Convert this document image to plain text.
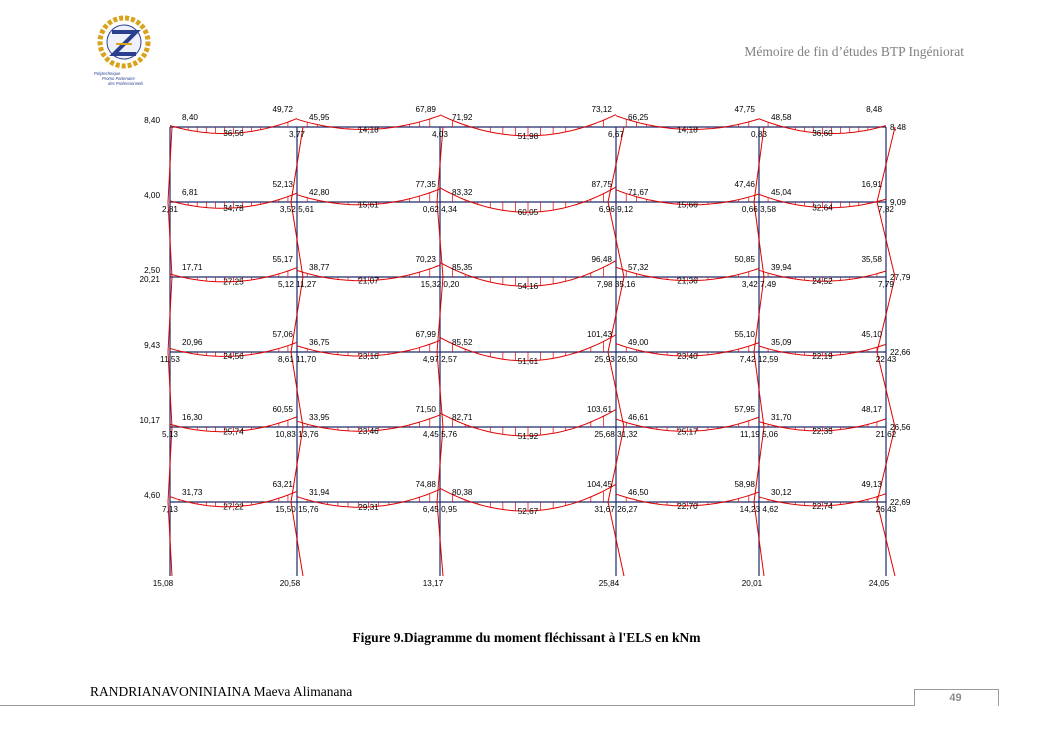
Polytechnique
Promo Partenaire
des Professionnels
Mémoire de fin d’études BTP Ingéniorat
8,40
49,72
36,56
45,95
67,89
14,18
71,92
73,12
51,98
66,25
47,75
14,18
48,58
8,48
36,60
8,40
8,48
3,77	4,03	6,67	0,83
6,81
52,13
34,78
42,80
77,35
15,61
83,32
87,75
60,05
71,67
47,46
15,66
45,04
16,91
32,64
4,00
9,09
2,81	3,52 5,61	0,62 4,34	6,96 9,12	0,66 3,58	7,82
17,71
55,17
27,25
38,77
70,23
21,07
85,35
96,48
54,16
57,32
50,85
21,36
39,94
35,58
24,52
2,50
20,21	27,79
5,12 11,27	15,32 0,20	7,98 35,16	3,42 7,49	7,79
20,96
57,06
24,56
36,75
67,99
23,16
85,52
101,43
51,61
49,00
55,10
23,40
35,09
45,10
22,19
9,43
22,66
11,53	8,61 11,70	4,97 2,57	25,93 26,50	7,42 12,59	22,43
16,30
60,55
25,74
33,95
71,50
23,46
82,71
103,61
51,92
46,61
57,95
25,17
31,70
48,17
22,35
10,17
26,56
5,13	10,83 13,76	4,45 5,76	25,68 31,32	11,19 5,06	21,62
31,73
63,21
27,22
31,94
74,88
29,31
80,38
104,45
52,67
46,50
58,98
22,70
30,12
49,13
22,74
4,60
22,69
7,13	15,50 15,76	6,45 0,95	31,67 26,27	14,23 4,62	26,43
15,08	20,58	13,17	25,84	20,01	24,05
Figure 9.Diagramme du moment fléchissant à l'ELS en kNm
RANDRIANAVONINIAINA Maeva Alimanana	49
